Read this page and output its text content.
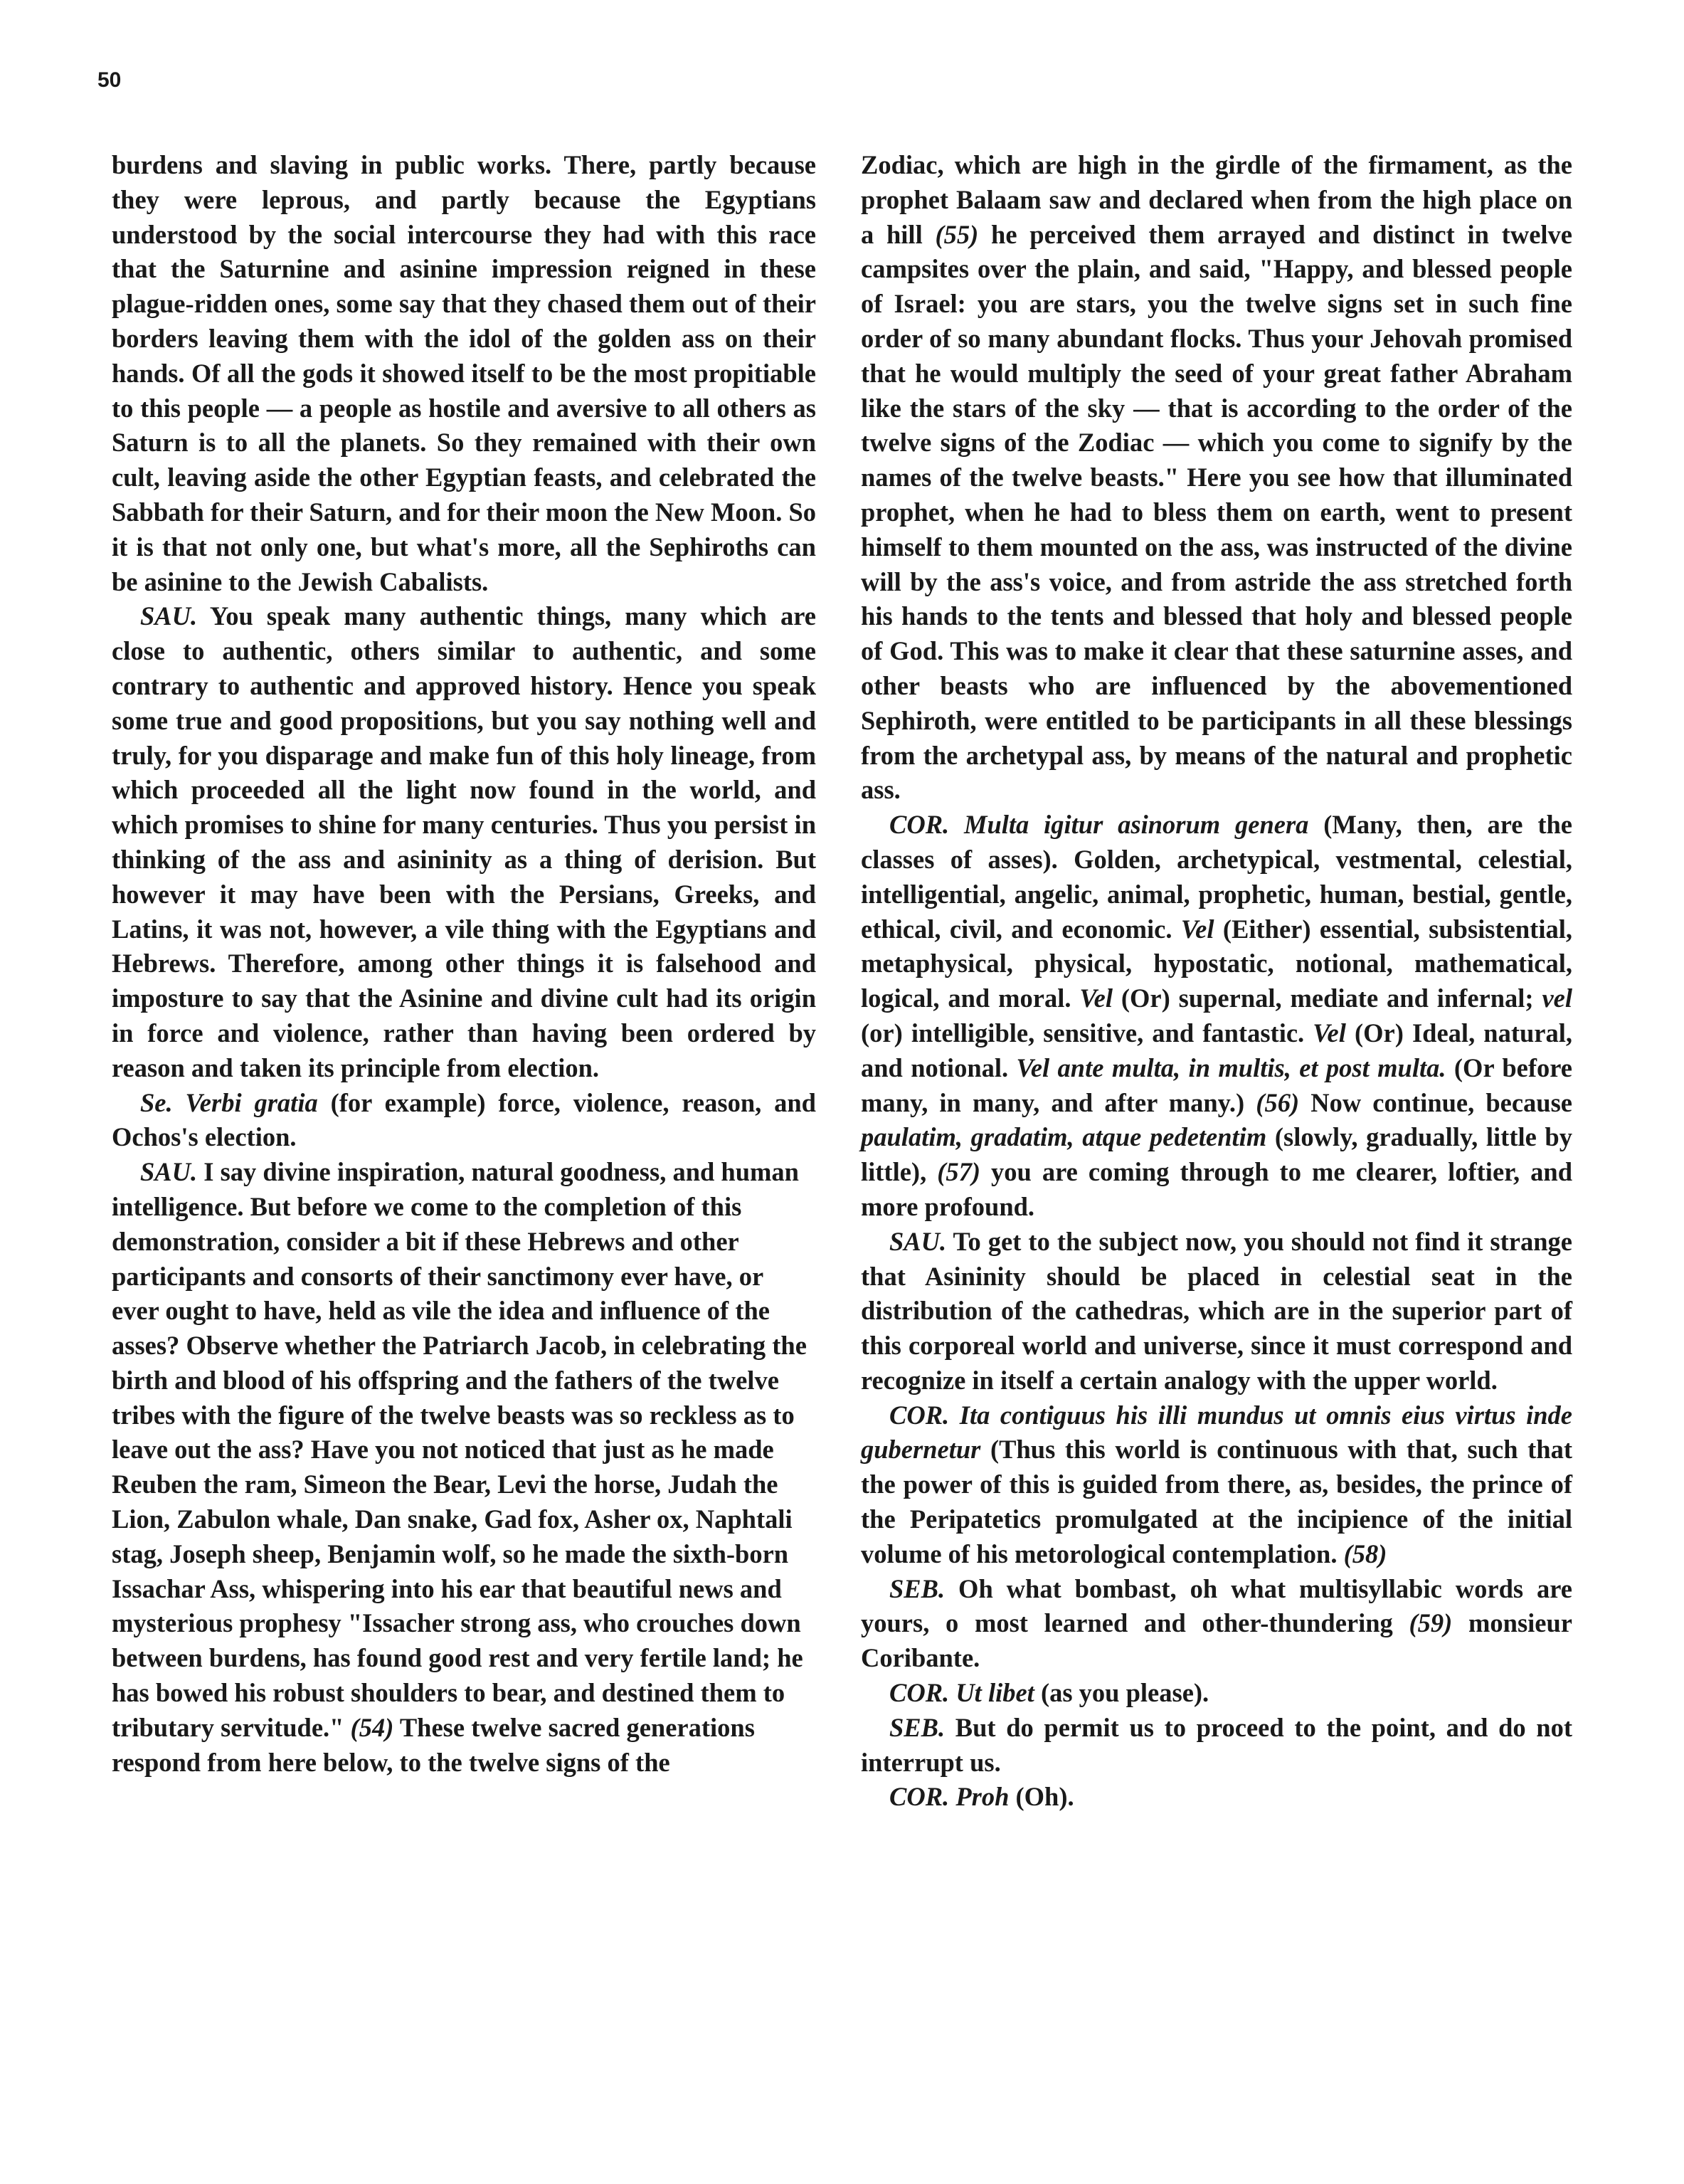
50

burdens and slaving in public works. There, partly because they were leprous, and partly because the Egyptians understood by the social intercourse they had with this race that the Saturnine and asinine impression reigned in these plague-ridden ones, some say that they chased them out of their borders leaving them with the idol of the golden ass on their hands. Of all the gods it showed itself to be the most propitiable to this people — a people as hostile and aversive to all others as Saturn is to all the planets. So they remained with their own cult, leaving aside the other Egyptian feasts, and celebrated the Sabbath for their Saturn, and for their moon the New Moon. So it is that not only one, but what's more, all the Sephiroths can be asinine to the Jewish Cabalists.

SAU. You speak many authentic things, many which are close to authentic, others similar to authentic, and some contrary to authentic and approved history. Hence you speak some true and good propositions, but you say nothing well and truly, for you disparage and make fun of this holy lineage, from which proceeded all the light now found in the world, and which promises to shine for many centuries. Thus you persist in thinking of the ass and asininity as a thing of derision. But however it may have been with the Persians, Greeks, and Latins, it was not, however, a vile thing with the Egyptians and Hebrews. Therefore, among other things it is falsehood and imposture to say that the Asinine and divine cult had its origin in force and violence, rather than having been ordered by reason and taken its principle from election.

Se. Verbi gratia (for example) force, violence, reason, and Ochos's election.

SAU. I say divine inspiration, natural goodness, and human intelligence. But before we come to the completion of this demonstration, consider a bit if these Hebrews and other participants and consorts of their sanctimony ever have, or ever ought to have, held as vile the idea and influence of the asses? Observe whether the Patriarch Jacob, in celebrating the birth and blood of his offspring and the fathers of the twelve tribes with the figure of the twelve beasts was so reckless as to leave out the ass? Have you not noticed that just as he made Reuben the ram, Simeon the Bear, Levi the horse, Judah the Lion, Zabulon whale, Dan snake, Gad fox, Asher ox, Naphtali stag, Joseph sheep, Benjamin wolf, so he made the sixth-born Issachar Ass, whispering into his ear that beautiful news and mysterious prophesy "Issacher strong ass, who crouches down between burdens, has found good rest and very fertile land; he has bowed his robust shoulders to bear, and destined them to tributary servitude." (54) These twelve sacred generations respond from here below, to the twelve signs of the

Zodiac, which are high in the girdle of the firmament, as the prophet Balaam saw and declared when from the high place on a hill (55) he perceived them arrayed and distinct in twelve campsites over the plain, and said, "Happy, and blessed people of Israel: you are stars, you the twelve signs set in such fine order of so many abundant flocks. Thus your Jehovah promised that he would multiply the seed of your great father Abraham like the stars of the sky — that is according to the order of the twelve signs of the Zodiac — which you come to signify by the names of the twelve beasts." Here you see how that illuminated prophet, when he had to bless them on earth, went to present himself to them mounted on the ass, was instructed of the divine will by the ass's voice, and from astride the ass stretched forth his hands to the tents and blessed that holy and blessed people of God. This was to make it clear that these saturnine asses, and other beasts who are influenced by the abovementioned Sephiroth, were entitled to be participants in all these blessings from the archetypal ass, by means of the natural and prophetic ass.

COR. Multa igitur asinorum genera (Many, then, are the classes of asses). Golden, archetypical, vestmental, celestial, intelligential, angelic, animal, prophetic, human, bestial, gentle, ethical, civil, and economic. Vel (Either) essential, subsistential, metaphysical, physical, hypostatic, notional, mathematical, logical, and moral. Vel (Or) supernal, mediate and infernal; vel (or) intelligible, sensitive, and fantastic. Vel (Or) Ideal, natural, and notional. Vel ante multa, in multis, et post multa. (Or before many, in many, and after many.) (56) Now continue, because paulatim, gradatim, atque pedetentim (slowly, gradually, little by little), (57) you are coming through to me clearer, loftier, and more profound.

SAU. To get to the subject now, you should not find it strange that Asininity should be placed in celestial seat in the distribution of the cathedras, which are in the superior part of this corporeal world and universe, since it must correspond and recognize in itself a certain analogy with the upper world.

COR. Ita contiguus his illi mundus ut omnis eius virtus inde gubernetur (Thus this world is continuous with that, such that the power of this is guided from there, as, besides, the prince of the Peripatetics promulgated at the incipience of the initial volume of his metorological contemplation. (58)

SEB. Oh what bombast, oh what multisyllabic words are yours, o most learned and other-thundering (59) monsieur Coribante.

COR. Ut libet (as you please).

SEB. But do permit us to proceed to the point, and do not interrupt us.

COR. Proh (Oh).
